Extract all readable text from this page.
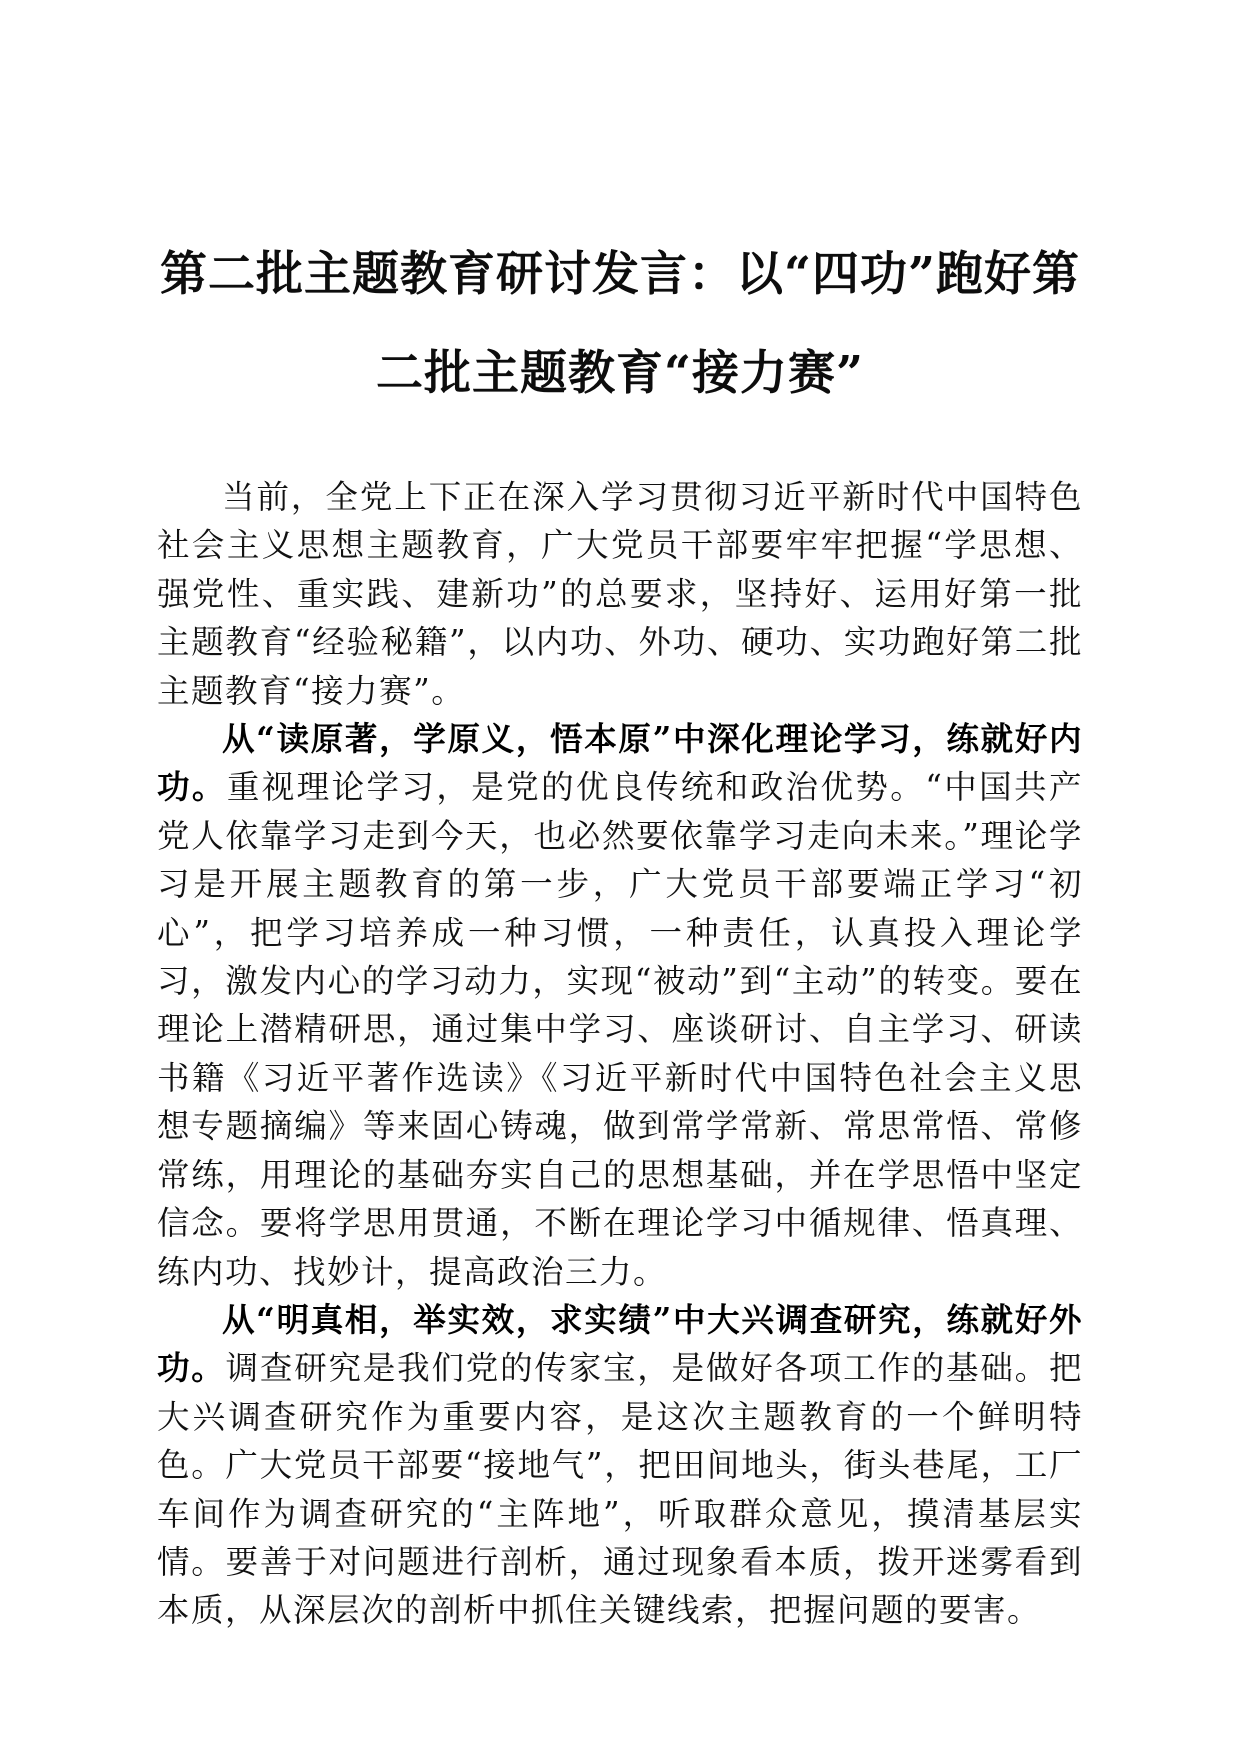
第二批主题教育研讨发言：以“四功”跑好第
二批主题教育“接力赛”

当前，全党上下正在深入学习贯彻习近平新时代中国特色社会主义思想主题教育，广大党员干部要牢牢把握“学思想、强党性、重实践、建新功”的总要求，坚持好、运用好第一批主题教育“经验秘籍”，以内功、外功、硬功、实功跑好第二批主题教育“接力赛”。

从“读原著，学原义，悟本原”中深化理论学习，练就好内功。重视理论学习，是党的优良传统和政治优势。“中国共产党人依靠学习走到今天，也必然要依靠学习走向未来。”理论学习是开展主题教育的第一步，广大党员干部要端正学习“初心”，把学习培养成一种习惯，一种责任，认真投入理论学习，激发内心的学习动力，实现“被动”到“主动”的转变。要在理论上潜精研思，通过集中学习、座谈研讨、自主学习、研读书籍《习近平著作选读》《习近平新时代中国特色社会主义思想专题摘编》等来固心铸魂，做到常学常新、常思常悟、常修常练，用理论的基础夯实自己的思想基础，并在学思悟中坚定信念。要将学思用贯通，不断在理论学习中循规律、悟真理、练内功、找妙计，提高政治三力。

从“明真相，举实效，求实绩”中大兴调查研究，练就好外功。调查研究是我们党的传家宝，是做好各项工作的基础。把大兴调查研究作为重要内容，是这次主题教育的一个鲜明特色。广大党员干部要“接地气”，把田间地头，街头巷尾，工厂车间作为调查研究的“主阵地”，听取群众意见，摸清基层实情。要善于对问题进行剖析，通过现象看本质，拨开迷雾看到本质，从深层次的剖析中抓住关键线索，把握问题的要害。
